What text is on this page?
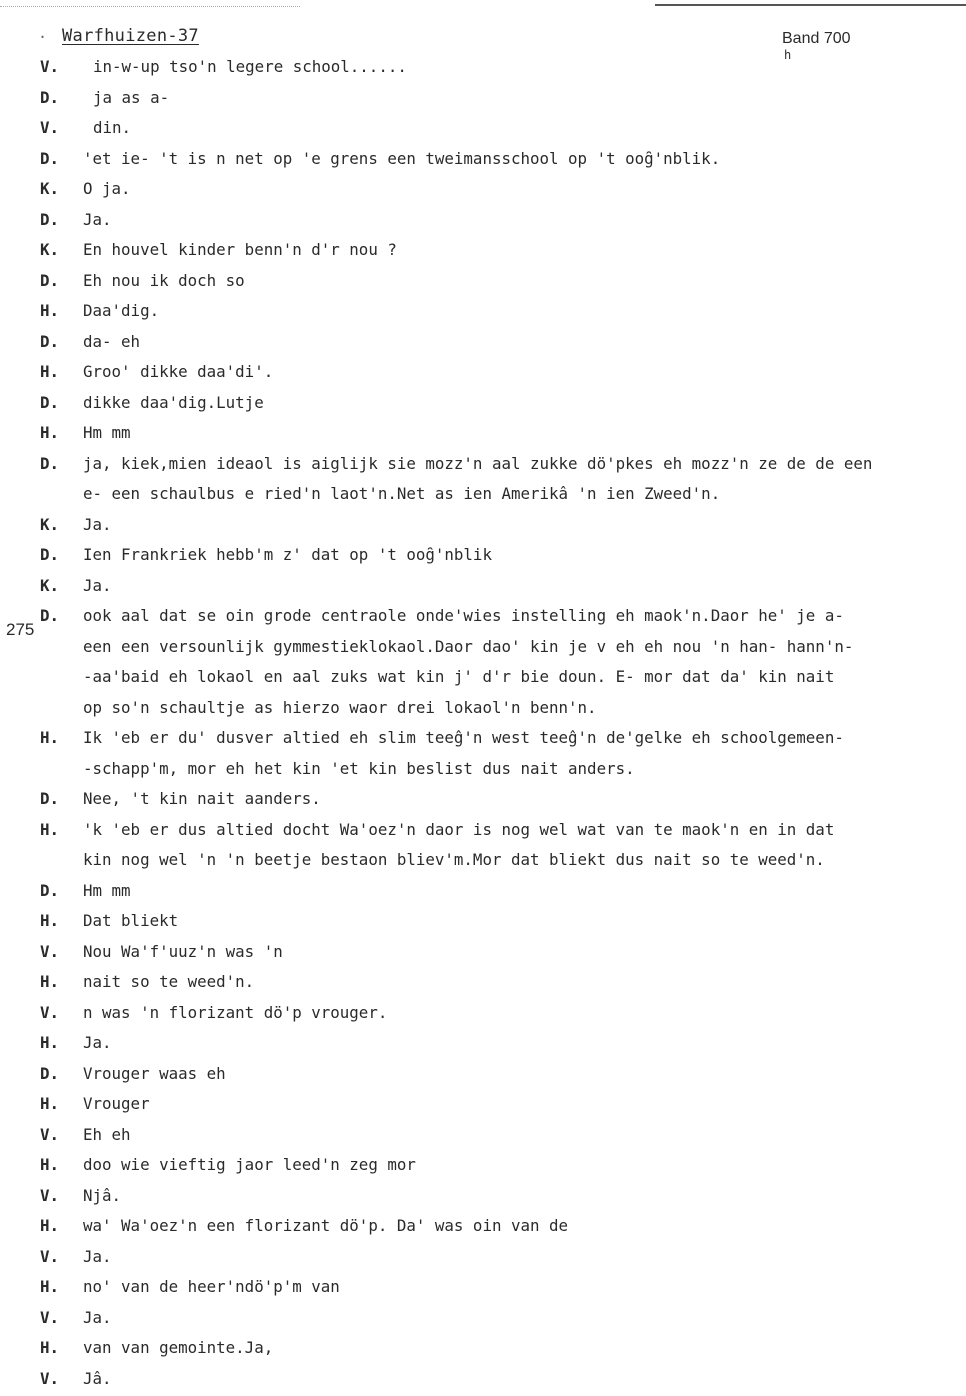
· Warfhuizen-37	Band 700
h
275
V. in-w-up tso'n legere school......
D. ja as a-
V. din.
D. 'et ie- 't is n net op 'e grens een tweimansschool op 't oog̑'nblik.
K. O ja.
D. Ja.
K. En houvel kinder benn'n d'r nou ?
D. Eh nou ik doch so
H. Daa'dig.
D. da- eh
H. Groo' dikke daa'di'.
D. dikke daa'dig.Lutje
H. Hm mm
D. ja, kiek,mien ideaol is aiglijk sie mozz'n aal zukke dö'pkes eh mozz'n ze de de een
e- een schaulbus e ried'n laot'n.Net as ien Amerikâ 'n ien Zweed'n.
K. Ja.
D. Ien Frankriek hebb'm z' dat op 't oog̑'nblik
K. Ja.
D. ook aal dat se oin grode centraole onde'wies instelling eh maok'n.Daor he' je a-
een een versounlijk gymmestieklokaol.Daor dao' kin je v eh eh nou 'n han- hann'n-
-aa'baid eh lokaol en aal zuks wat kin j' d'r bie doun. E- mor dat da' kin nait
op so'n schaultje as hierzo waor drei lokaol'n benn'n.
H. Ik 'eb er du' dusver altied eh slim teeĝ'n west teeĝ'n de'gelke eh schoolgemeen-
-schapp'm, mor eh het kin 'et kin beslist dus nait anders.
D. Nee, 't kin nait aanders.
H. 'k 'eb er dus altied docht Wa'oez'n daor is nog wel wat van te maok'n en in dat
kin nog wel 'n 'n beetje bestaon bliev'm.Mor dat bliekt dus nait so te weed'n.
D. Hm mm
H. Dat bliekt
V. Nou Wa'f'uuz'n was 'n
H. nait so te weed'n.
V. n was 'n florizant dö'p vrouger.
H. Ja.
D. Vrouger waas eh
H. Vrouger
V. Eh eh
H. doo wie vieftig jaor leed'n zeg mor
V. Njâ.
H. wa' Wa'oez'n een florizant dö'p. Da' was oin van de
V. Ja.
H. no' van de heer'ndö'p'm van
V. Ja.
H. van van gemointe.Ja,
V. Jâ.
